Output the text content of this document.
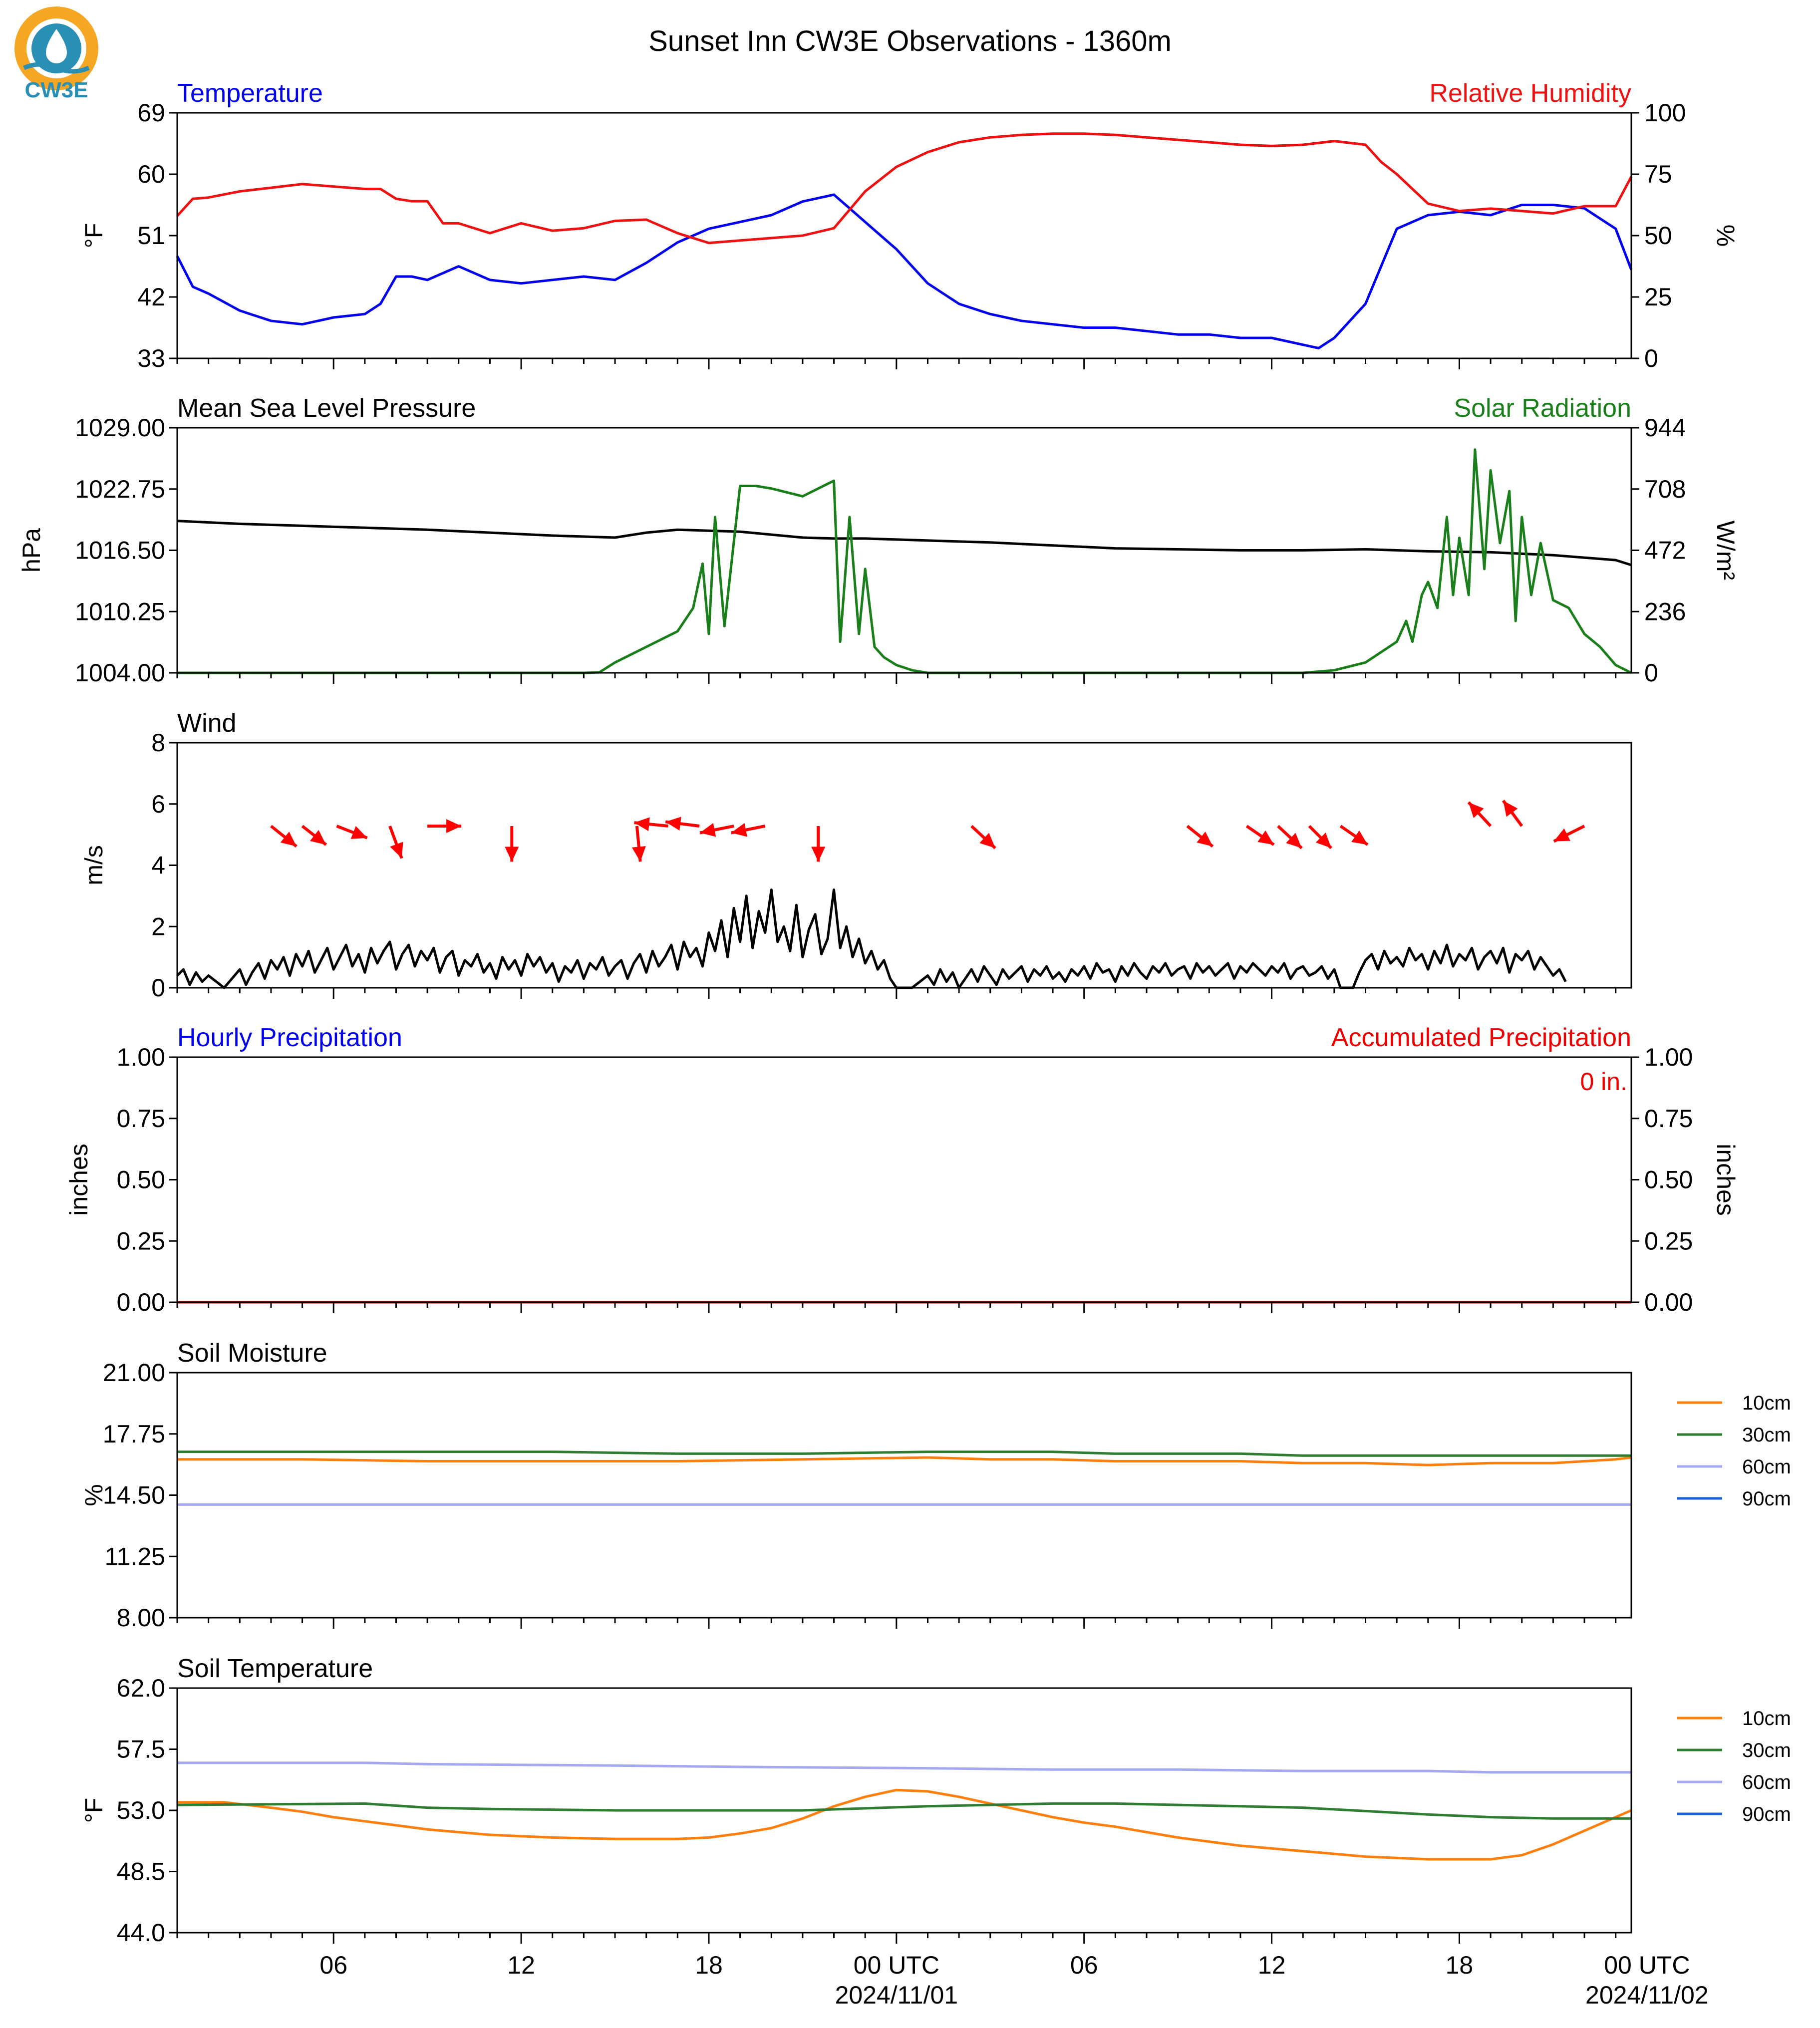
CW3E
Sunset Inn CW3E Observations - 1360m
33
42
51
60
69
0
25
50
75
100
Temperature	Relative Humidity
°F	%
1004.00
1010.25
1016.50
1022.75
1029.00
0
236
472
708
944
Mean Sea Level Pressure	Solar Radiation
hPa	W/m²
0
2
4
6
8
Wind
m/s
0.00
0.25
0.50
0.75
1.00
0.00
0.25
0.50
0.75
1.00
Hourly Precipitation	Accumulated Precipitation
0 in.
inches	inches
8.00
11.25
14.50
17.75
21.00
Soil Moisture
%
10cm
30cm
60cm
90cm
44.0
48.5
53.0
57.5
62.0
Soil Temperature
°F
10cm
30cm
60cm
90cm
06	12	18	00 UTC
2024/11/01
06	12	18	00 UTC
2024/11/02
